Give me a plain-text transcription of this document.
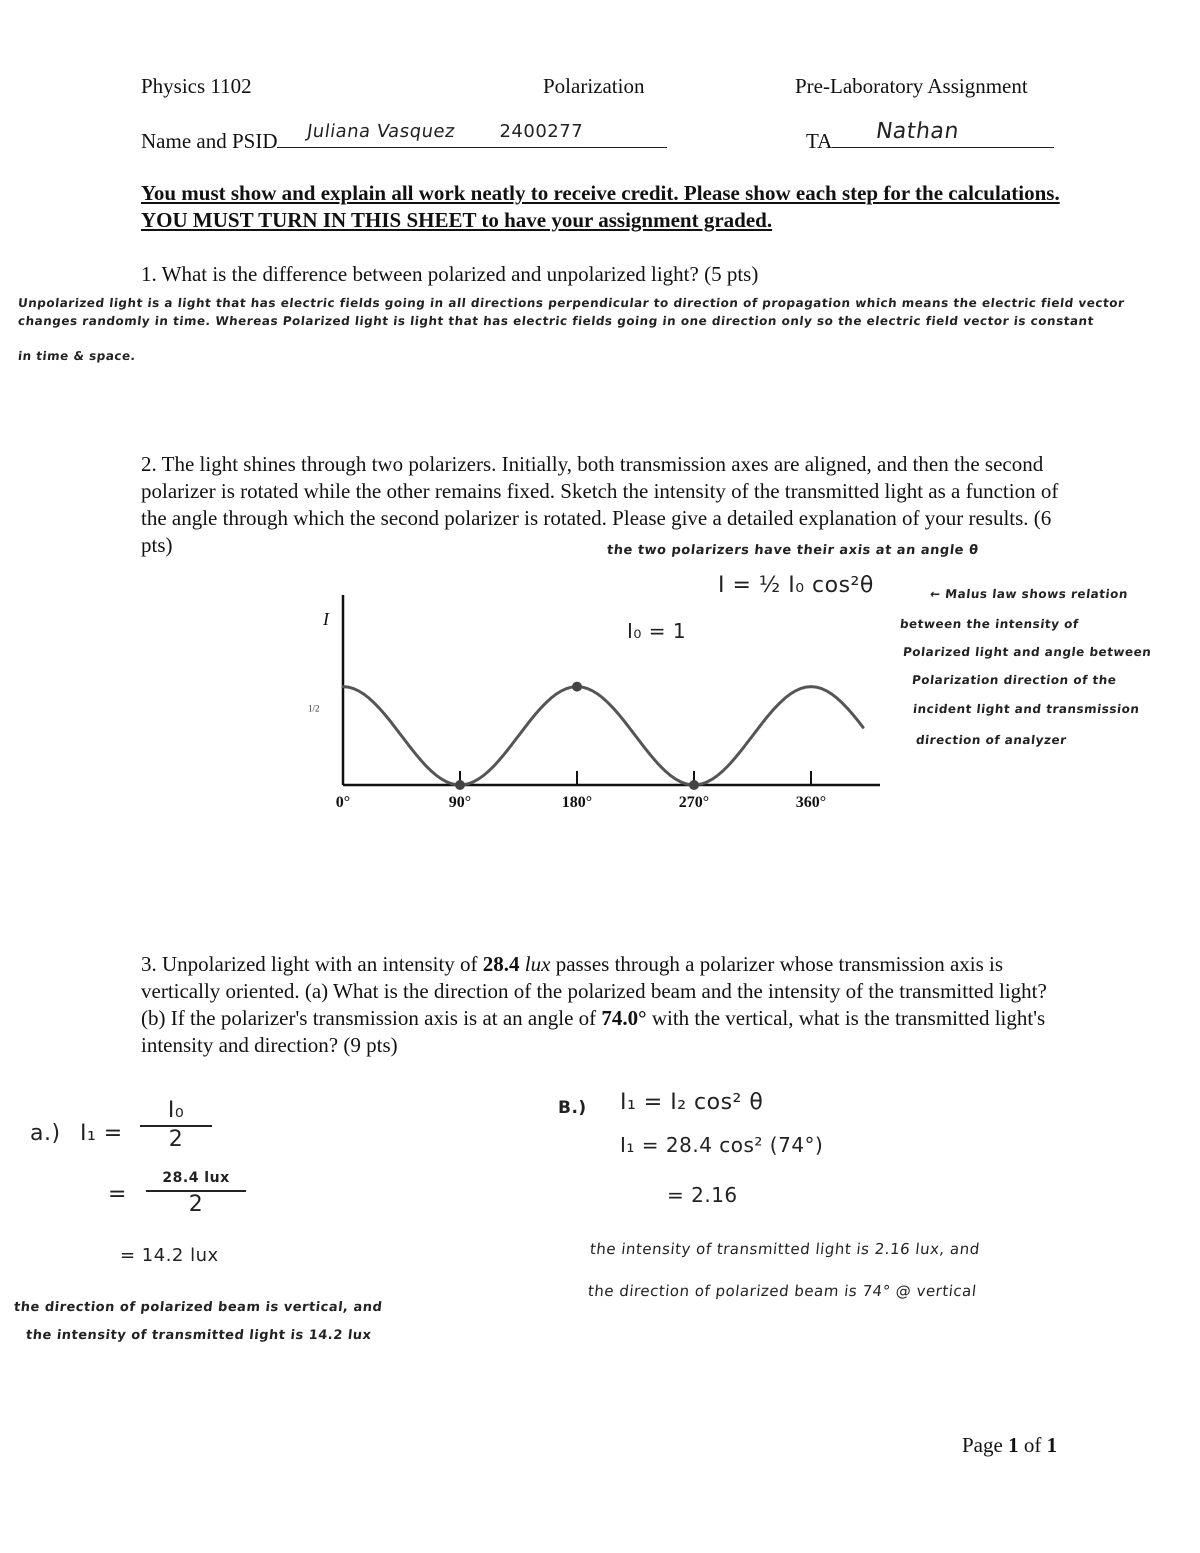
Physics 1102	Polarization	Pre-Laboratory Assignment
Name and PSID Juliana Vasquez 2400277	TA Nathan
You must show and explain all work neatly to receive credit. Please show each step for the calculations. YOU MUST TURN IN THIS SHEET to have your assignment graded.
1. What is the difference between polarized and unpolarized light? (5 pts)
Unpolarized light is a light that has electric fields going in all directions perpendicular to direction of propagation which means the electric field vector
changes randomly in time. Whereas Polarized light is light that has electric fields going in one direction only so the electric field vector is constant
in time & space.
2. The light shines through two polarizers. Initially, both transmission axes are aligned, and then the second polarizer is rotated while the other remains fixed. Sketch the intensity of the transmitted light as a function of the angle through which the second polarizer is rotated. Please give a detailed explanation of your results. (6 pts)	the two polarizers have their axis at an angle θ
I = ½ I₀ cos²θ
I₀ = 1
← Malus law shows relation
between the intensity of
Polarized light and angle between
Polarization direction of the
incident light and transmission
direction of analyzer
I
1/2
0°	90°	180°	270°	360°
3. Unpolarized light with an intensity of 28.4 lux passes through a polarizer whose transmission axis is vertically oriented. (a) What is the direction of the polarized beam and the intensity of the transmitted light? (b) If the polarizer's transmission axis is at an angle of 74.0° with the vertical, what is the transmitted light's intensity and direction? (9 pts)
a.) $I_1 = \frac{\text{I₀}}{2}$
=
28.4 lux
2
= 14.2 lux
the direction of polarized beam is vertical, and
the intensity of transmitted light is 14.2 lux
B.) I₁ = I₂ cos² θ
I₁ = 28.4 cos² (74°)
= 2.16
the intensity of transmitted light is 2.16 lux, and
the direction of polarized beam is 74° @ vertical
Page 1 of 1
